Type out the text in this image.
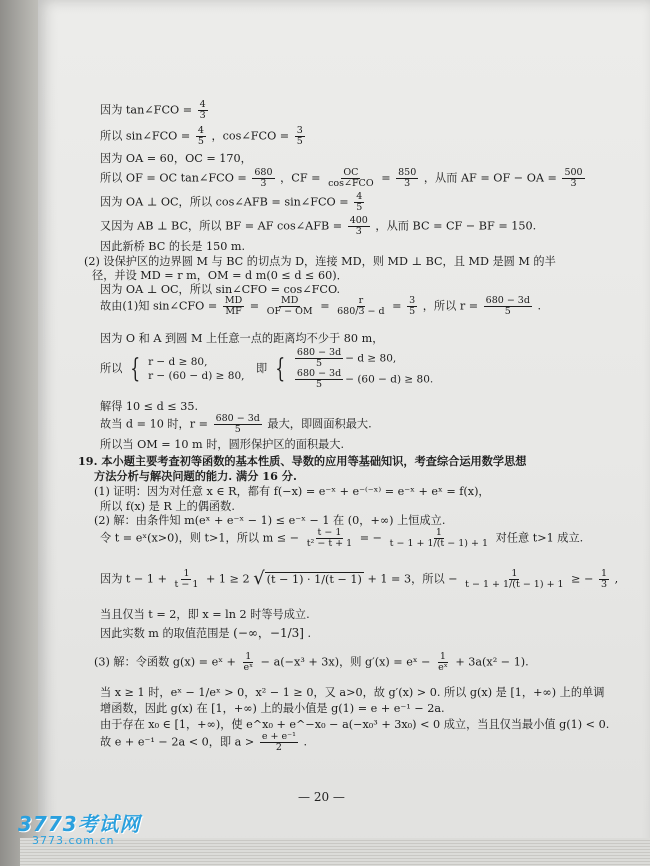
因为 tan∠FCO = $\frac{4}{3}$
所以 sin∠FCO = $\frac{4}{5}$ ，cos∠FCO = $\frac{3}{5}$
因为 OA = 60，OC = 170，
所以 OF = OC tan∠FCO = $\frac{680}{3}$ ，CF = $\frac{OC}{\text{cos∠FCO}} = \frac{850}{3}$ ，从而 AF = OF − OA = $\frac{500}{3}$
因为 OA ⊥ OC，所以 cos∠AFB = sin∠FCO = $\frac{4}{5}$
又因为 AB ⊥ BC，所以 BF = AF cos∠AFB = $\frac{400}{3}$ ，从而 BC = CF − BF = 150.
因此新桥 BC 的长是 150 m.
(2) 设保护区的边界圆 M 与 BC 的切点为 D，连接 MD，则 MD ⊥ BC，且 MD 是圆 M 的半
径，并设 MD = r m，OM = d m(0 ≤ d ≤ 60)．
因为 OA ⊥ OC，所以 sin∠CFO = cos∠FCO.
故由(1)知 sin∠CFO = $\frac{MD}{MF} = \frac{MD}{OF - OM} = \frac{r}{680/3 - d} = \frac{3}{5}$ ，所以 $r = \frac{680 - 3d}{5}$ .
因为 O 和 A 到圆 M 上任意一点的距离均不少于 80 m，
所以 { r − d ≥ 80,
r − (60 − d) ≥ 80,
即 { $\frac{680 - 3d}{5} - d \ge 80$,
$\frac{680 - 3d}{5} - (60 - d) \ge 80$.
解得 10 ≤ d ≤ 35.
故当 d = 10 时，$r = \frac{680 - 3d}{5}$ 最大，即圆面积最大.
所以当 OM = 10 m 时，圆形保护区的面积最大.
19. 本小题主要考查初等函数的基本性质、导数的应用等基础知识，考查综合运用数学思想
方法分析与解决问题的能力. 满分 16 分.
(1) 证明：因为对任意 x ∈ R，都有 f(−x) = e⁻ˣ + e⁻⁽⁻ˣ⁾ = e⁻ˣ + eˣ = f(x)，
所以 f(x) 是 R 上的偶函数.
(2) 解：由条件知 m(eˣ + e⁻ˣ − 1) ≤ e⁻ˣ − 1 在 (0，+∞) 上恒成立.
令 t = eˣ(x>0)，则 t>1，所以 m ≤ − $\frac{t - 1}{\text{t² − t + 1}}$ = − $\frac{1}{t - 1 + 1/(t - 1) + 1}$ 对任意 t>1 成立.
因为 $t - 1 + \frac{1}{t - 1} + 1 \ge 2$ √ (t − 1) · 1/(t − 1) + 1 = 3，所以 − $\frac{1}{t - 1 + 1/(t - 1) + 1}$ ≥ − $\frac{1}{3}$ ,
当且仅当 t = 2，即 x = ln 2 时等号成立.
因此实数 m 的取值范围是 (−∞，−1/3] .
(3) 解：令函数 g(x) = eˣ + $\frac{1}{\text{eˣ}} - a(-x^3 + 3x)$，则 g′(x) = eˣ − $\frac{1}{\text{eˣ}} + 3a(x^2 - 1)$.
当 x ≥ 1 时，eˣ − 1/eˣ > 0，x² − 1 ≥ 0，又 a>0，故 g′(x) > 0. 所以 g(x) 是 [1，+∞) 上的单调
增函数，因此 g(x) 在 [1，+∞) 上的最小值是 g(1) = e + e⁻¹ − 2a.
由于存在 x₀ ∈ [1，+∞)，使 e^x₀ + e^−x₀ − a(−x₀³ + 3x₀) < 0 成立，当且仅当最小值 g(1) < 0.
故 e + e⁻¹ − 2a < 0，即 $a > \frac{\text{e + e⁻¹}}{2}$ .
— 20 —
3773考试网
3773.com.cn
